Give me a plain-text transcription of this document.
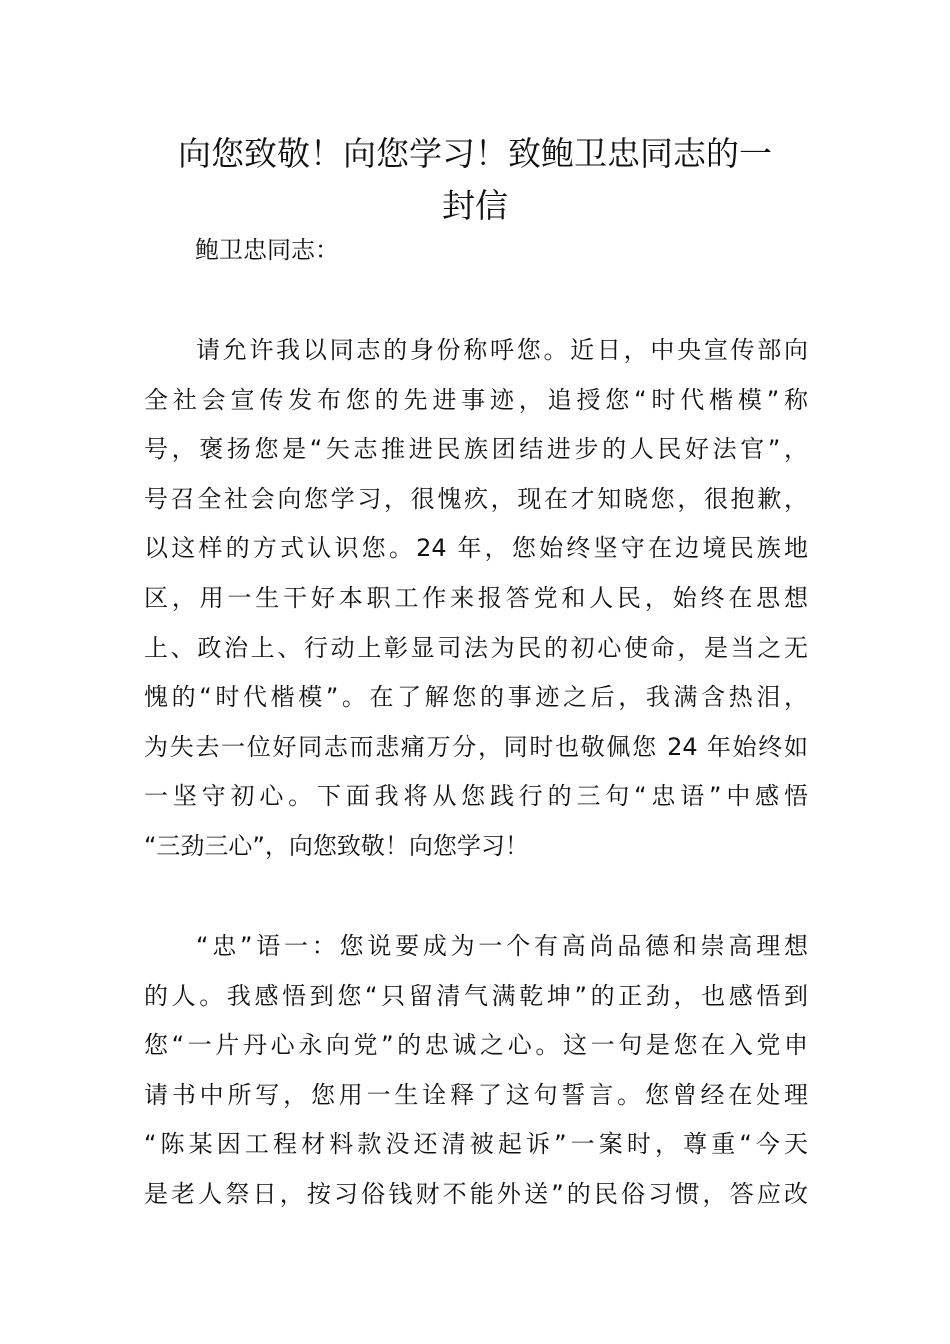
向您致敬！向您学习！致鲍卫忠同志的一
封信

鲍卫忠同志：

请允许我以同志的身份称呼您。近日，中央宣传部向
全社会宣传发布您的先进事迹，追授您“时代楷模”称
号，褒扬您是“矢志推进民族团结进步的人民好法官”，
号召全社会向您学习，很愧疚，现在才知晓您，很抱歉，
以这样的方式认识您。24 年，您始终坚守在边境民族地
区，用一生干好本职工作来报答党和人民，始终在思想
上、政治上、行动上彰显司法为民的初心使命，是当之无
愧的“时代楷模”。在了解您的事迹之后，我满含热泪，
为失去一位好同志而悲痛万分，同时也敬佩您 24 年始终如
一坚守初心。下面我将从您践行的三句“忠语”中感悟
“三劲三心”，向您致敬！向您学习！
“忠”语一：您说要成为一个有高尚品德和崇高理想
的人。我感悟到您“只留清气满乾坤”的正劲，也感悟到
您“一片丹心永向党”的忠诚之心。这一句是您在入党申
请书中所写，您用一生诠释了这句誓言。您曾经在处理
“陈某因工程材料款没还清被起诉”一案时，尊重“今天
是老人祭日，按习俗钱财不能外送”的民俗习惯，答应改
